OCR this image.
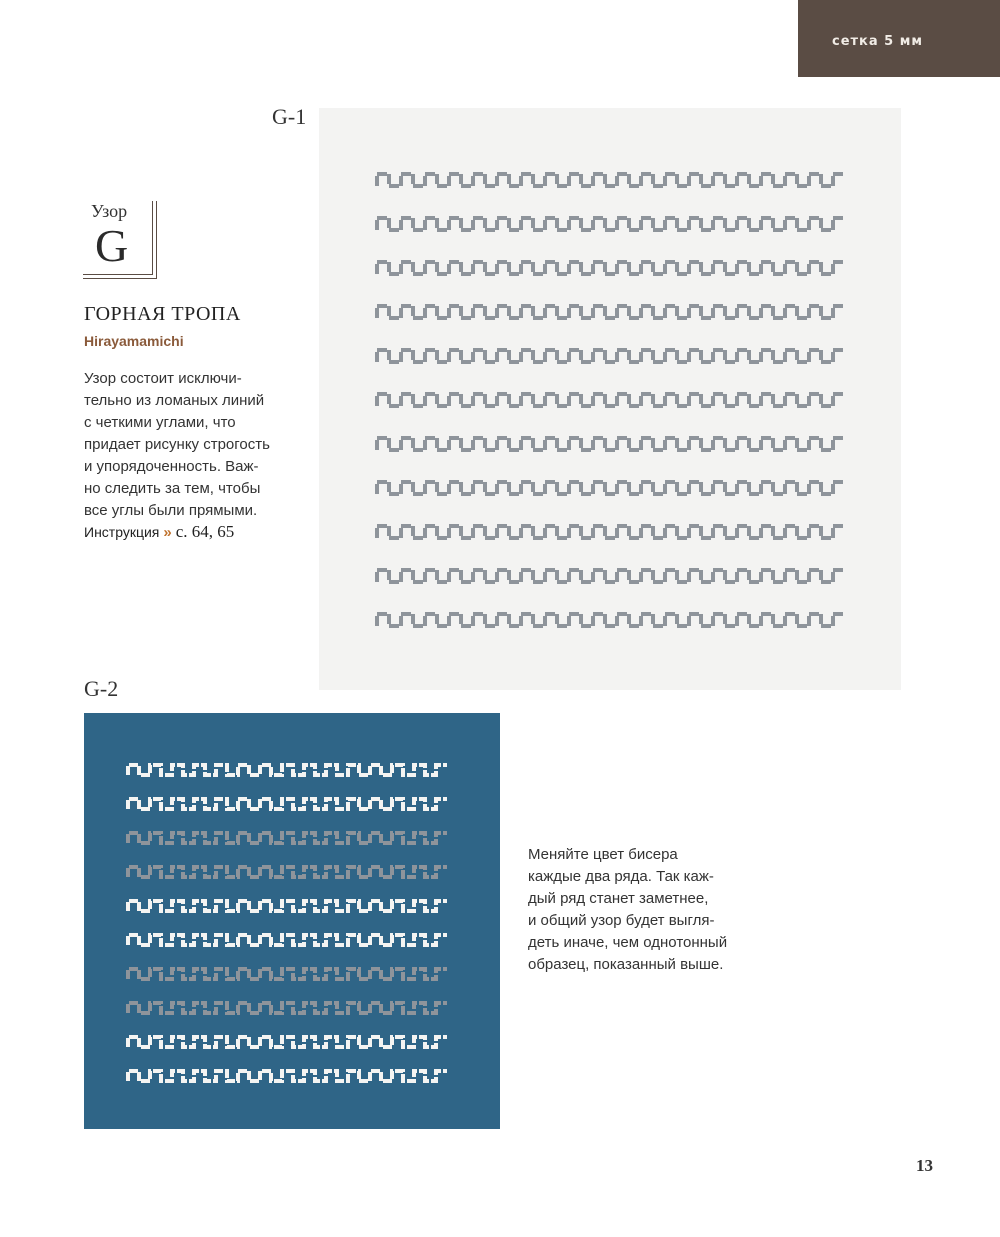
сетка 5 мм
G-1
Узор
G
ГОРНАЯ ТРОПА
Hirayamamichi
Узор состоит исключи-
тельно из ломаных линий
с четкими углами, что
придает рисунку строгость
и упорядоченность. Важ-
но следить за тем, чтобы
все углы были прямыми.
Инструкция » с. 64, 65
G-2
Меняйте цвет бисера
каждые два ряда. Так каж-
дый ряд станет заметнее,
и общий узор будет выгля-
деть иначе, чем однотонный
образец, показанный выше.
13
